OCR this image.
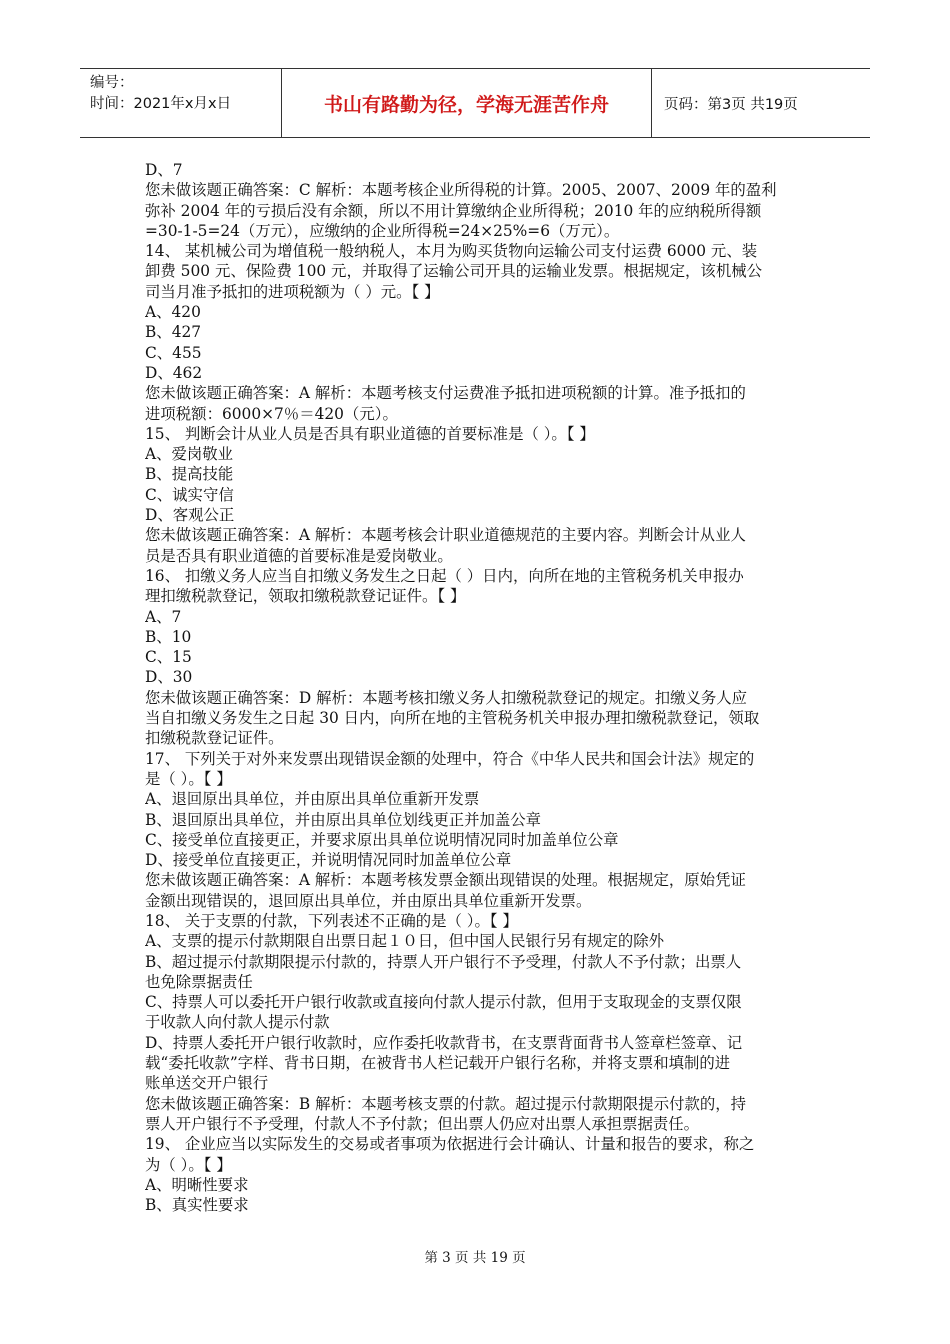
编号：
时间：2021年x月x日	书山有路勤为径，学海无涯苦作舟	页码：第3页 共19页
D、7
您未做该题正确答案：C 解析：本题考核企业所得税的计算。2005、2007、2009 年的盈利
弥补 2004 年的亏损后没有余额，所以不用计算缴纳企业所得税；2010 年的应纳税所得额
=30-1-5=24（万元），应缴纳的企业所得税=24×25%=6（万元）。
14、 某机械公司为增值税一般纳税人，本月为购买货物向运输公司支付运费 6000 元、装
卸费 500 元、保险费 100 元，并取得了运输公司开具的运输业发票。根据规定，该机械公
司当月准予抵扣的进项税额为（ ）元。【 】
A、420
B、427
C、455
D、462
您未做该题正确答案：A 解析：本题考核支付运费准予抵扣进项税额的计算。准予抵扣的
进项税额：6000×7％＝420（元）。
15、 判断会计从业人员是否具有职业道德的首要标准是（ ）。【 】
A、爱岗敬业
B、提高技能
C、诚实守信
D、客观公正
您未做该题正确答案：A 解析：本题考核会计职业道德规范的主要内容。判断会计从业人
员是否具有职业道德的首要标准是爱岗敬业。
16、 扣缴义务人应当自扣缴义务发生之日起（ ）日内，向所在地的主管税务机关申报办
理扣缴税款登记，领取扣缴税款登记证件。【 】
A、7
B、10
C、15
D、30
您未做该题正确答案：D 解析：本题考核扣缴义务人扣缴税款登记的规定。扣缴义务人应
当自扣缴义务发生之日起 30 日内，向所在地的主管税务机关申报办理扣缴税款登记，领取
扣缴税款登记证件。
17、 下列关于对外来发票出现错误金额的处理中，符合《中华人民共和国会计法》规定的
是（ ）。【 】
A、退回原出具单位，并由原出具单位重新开发票
B、退回原出具单位，并由原出具单位划线更正并加盖公章
C、接受单位直接更正，并要求原出具单位说明情况同时加盖单位公章
D、接受单位直接更正，并说明情况同时加盖单位公章
您未做该题正确答案：A 解析：本题考核发票金额出现错误的处理。根据规定，原始凭证
金额出现错误的，退回原出具单位，并由原出具单位重新开发票。
18、 关于支票的付款，下列表述不正确的是（ ）。【 】
A、支票的提示付款期限自出票日起１０日，但中国人民银行另有规定的除外
B、超过提示付款期限提示付款的，持票人开户银行不予受理，付款人不予付款；出票人
也免除票据责任
C、持票人可以委托开户银行收款或直接向付款人提示付款，但用于支取现金的支票仅限
于收款人向付款人提示付款
D、持票人委托开户银行收款时，应作委托收款背书，在支票背面背书人签章栏签章、记
载“委托收款”字样、背书日期，在被背书人栏记载开户银行名称，并将支票和填制的进
账单送交开户银行
您未做该题正确答案：B 解析：本题考核支票的付款。超过提示付款期限提示付款的，持
票人开户银行不予受理，付款人不予付款；但出票人仍应对出票人承担票据责任。
19、 企业应当以实际发生的交易或者事项为依据进行会计确认、计量和报告的要求，称之
为（ ）。【 】
A、明晰性要求
B、真实性要求
第 3 页 共 19 页
